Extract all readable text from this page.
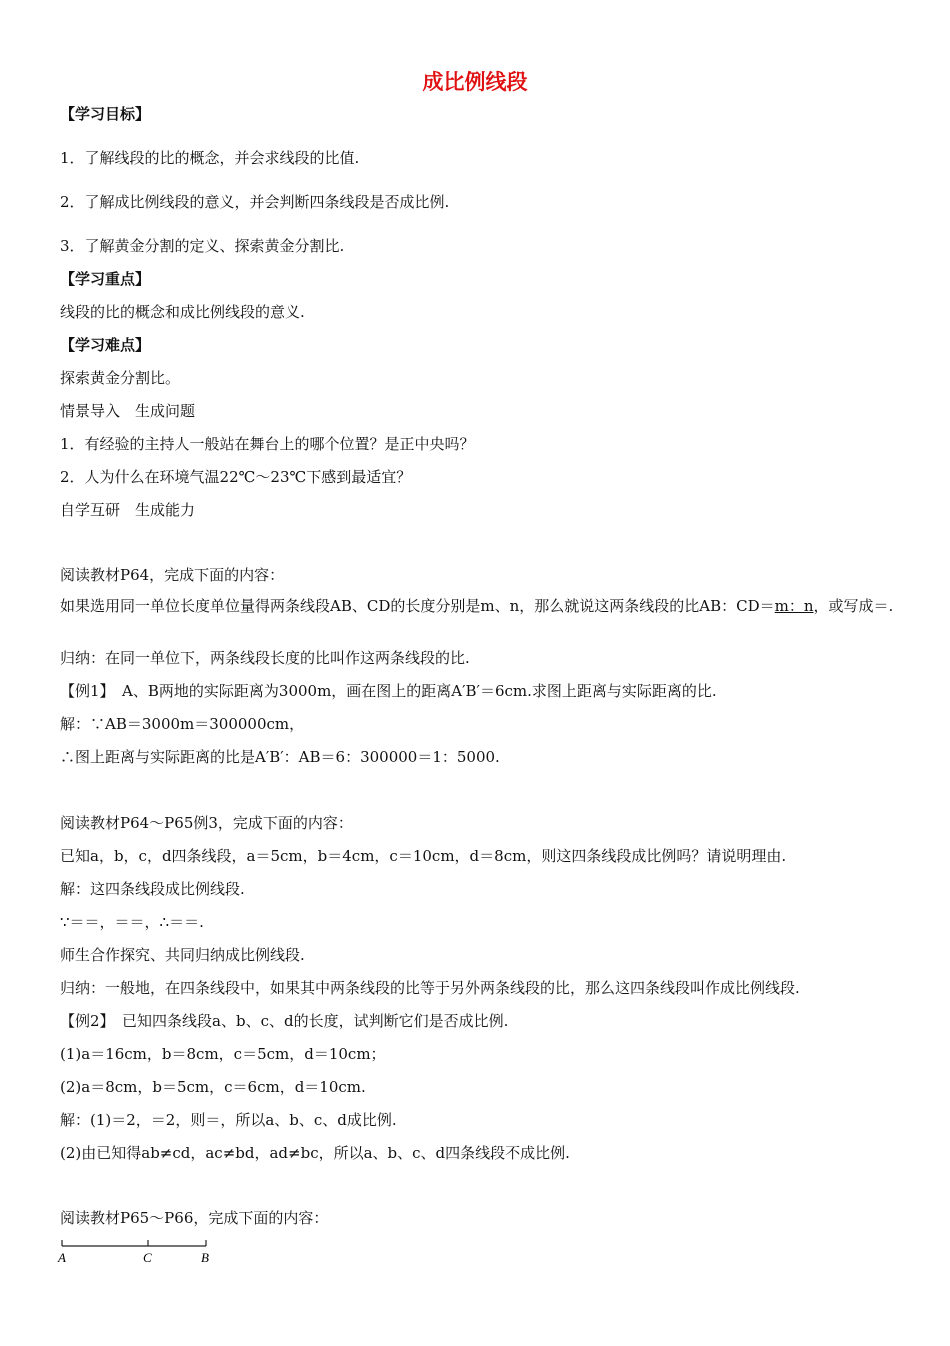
成比例线段
【学习目标】
1．了解线段的比的概念，并会求线段的比值.
2．了解成比例线段的意义，并会判断四条线段是否成比例.
3．了解黄金分割的定义、探索黄金分割比.
【学习重点】
线段的比的概念和成比例线段的意义.
【学习难点】
探索黄金分割比。
情景导入　生成问题
1．有经验的主持人一般站在舞台上的哪个位置？是正中央吗？
2．人为什么在环境气温22℃～23℃下感到最适宜？
自学互研　生成能力
阅读教材P64，完成下面的内容：
如果选用同一单位长度单位量得两条线段AB、CD的长度分别是m、n，那么就说这两条线段的比AB：CD＝m：n，或写成＝.
归纳：在同一单位下，两条线段长度的比叫作这两条线段的比.
【例1】　A、B两地的实际距离为3000m，画在图上的距离A′B′＝6cm.求图上距离与实际距离的比.
解：∵AB＝3000m＝300000cm，
∴图上距离与实际距离的比是A′B′：AB＝6：300000＝1：5000.
阅读教材P64～P65例3，完成下面的内容：
已知a，b，c，d四条线段，a＝5cm，b＝4cm，c＝10cm，d＝8cm，则这四条线段成比例吗？请说明理由.
解：这四条线段成比例线段.
∵＝＝，＝＝，∴＝＝.
师生合作探究、共同归纳成比例线段.
归纳：一般地，在四条线段中，如果其中两条线段的比等于另外两条线段的比，那么这四条线段叫作成比例线段.
【例2】　已知四条线段a、b、c、d的长度，试判断它们是否成比例.
(1)a＝16cm，b＝8cm，c＝5cm，d＝10cm；
(2)a＝8cm，b＝5cm，c＝6cm，d＝10cm.
解：(1)＝2，＝2，则＝，所以a、b、c、d成比例.
(2)由已知得ab≠cd，ac≠bd，ad≠bc，所以a、b、c、d四条线段不成比例.
阅读教材P65～P66，完成下面的内容：
A	C	B
